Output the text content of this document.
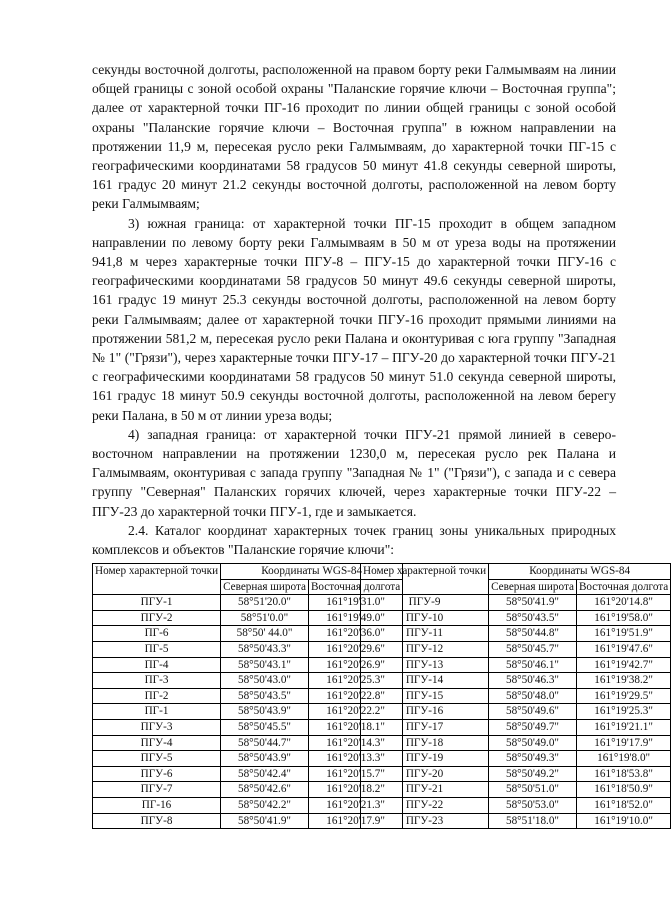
секунды восточной долготы, расположенной на правом борту реки Галмымваям на линии общей границы с зоной особой охраны "Паланские горячие ключи – Восточная группа"; далее от характерной точки ПГ-16 проходит по линии общей границы с зоной особой охраны "Паланские горячие ключи – Восточная группа" в южном направлении на протяжении 11,9 м, пересекая русло реки Галмымваям, до характерной точки ПГ-15 с географическими координатами 58 градусов 50 минут 41.8 секунды северной широты, 161 градус 20 минут 21.2 секунды восточной долготы, расположенной на левом борту реки Галмымваям;

3) южная граница: от характерной точки ПГ-15 проходит в общем западном направлении по левому борту реки Галмымваям в 50 м от уреза воды на протяжении 941,8 м через характерные точки ПГУ-8 – ПГУ-15 до характерной точки ПГУ-16 с географическими координатами 58 градусов 50 минут 49.6 секунды северной широты, 161 градус 19 минут 25.3 секунды восточной долготы, расположенной на левом борту реки Галмымваям; далее от характерной точки ПГУ-16 проходит прямыми линиями на протяжении 581,2 м, пересекая русло реки Палана и оконтуривая с юга группу "Западная № 1" ("Грязи"), через характерные точки ПГУ-17 – ПГУ-20 до характерной точки ПГУ-21 с географическими координатами 58 градусов 50 минут 51.0 секунда северной широты, 161 градус 18 минут 50.9 секунды восточной долготы, расположенной на левом берегу реки Палана, в 50 м от линии уреза воды;

4) западная граница: от характерной точки ПГУ-21 прямой линией в северо-восточном направлении на протяжении 1230,0 м, пересекая русло рек Палана и Галмымваям, оконтуривая с запада группу "Западная № 1" ("Грязи"), с запада и с севера группу "Северная" Паланских горячих ключей, через характерные точки ПГУ-22 – ПГУ-23 до характерной точки ПГУ-1, где и замыкается.

2.4. Каталог координат характерных точек границ зоны уникальных природных комплексов и объектов "Паланские горячие ключи":

Номер характерной точки	Координаты WGS-84	
	Северная широта	Восточная долгота
ПГУ-1	58°51'20.0"	161°19'31.0"
ПГУ-2	58°51'0.0"	161°19'49.0"
ПГ-6	58°50' 44.0"	161°20'36.0"
ПГ-5	58°50'43.3"	161°20'29.6"
ПГ-4	58°50'43.1"	161°20'26.9"
ПГ-3	58°50'43.0"	161°20'25.3"
ПГ-2	58°50'43.5"	161°20'22.8"
ПГ-1	58°50'43.9"	161°20'22.2"
ПГУ-3	58°50'45.5"	161°20'18.1"
ПГУ-4	58°50'44.7"	161°20'14.3"
ПГУ-5	58°50'43.9"	161°20'13.3"
ПГУ-6	58°50'42.4"	161°20'15.7"
ПГУ-7	58°50'42.6"	161°20'18.2"
ПГ-16	58°50'42.2"	161°20'21.3"
ПГУ-8	58°50'41.9"	161°20'17.9"
Номер характерной точки	Координаты WGS-84	
	Северная широта	Восточная долгота
ПГУ-9	58°50'41.9"	161°20'14.8"
ПГУ-10	58°50'43.5"	161°19'58.0"
ПГУ-11	58°50'44.8"	161°19'51.9"
ПГУ-12	58°50'45.7"	161°19'47.6"
ПГУ-13	58°50'46.1"	161°19'42.7"
ПГУ-14	58°50'46.3"	161°19'38.2"
ПГУ-15	58°50'48.0"	161°19'29.5"
ПГУ-16	58°50'49.6"	161°19'25.3"
ПГУ-17	58°50'49.7"	161°19'21.1"
ПГУ-18	58°50'49.0"	161°19'17.9"
ПГУ-19	58°50'49.3"	161°19'8.0"
ПГУ-20	58°50'49.2"	161°18'53.8"
ПГУ-21	58°50'51.0"	161°18'50.9"
ПГУ-22	58°50'53.0"	161°18'52.0"
ПГУ-23	58°51'18.0"	161°19'10.0"
